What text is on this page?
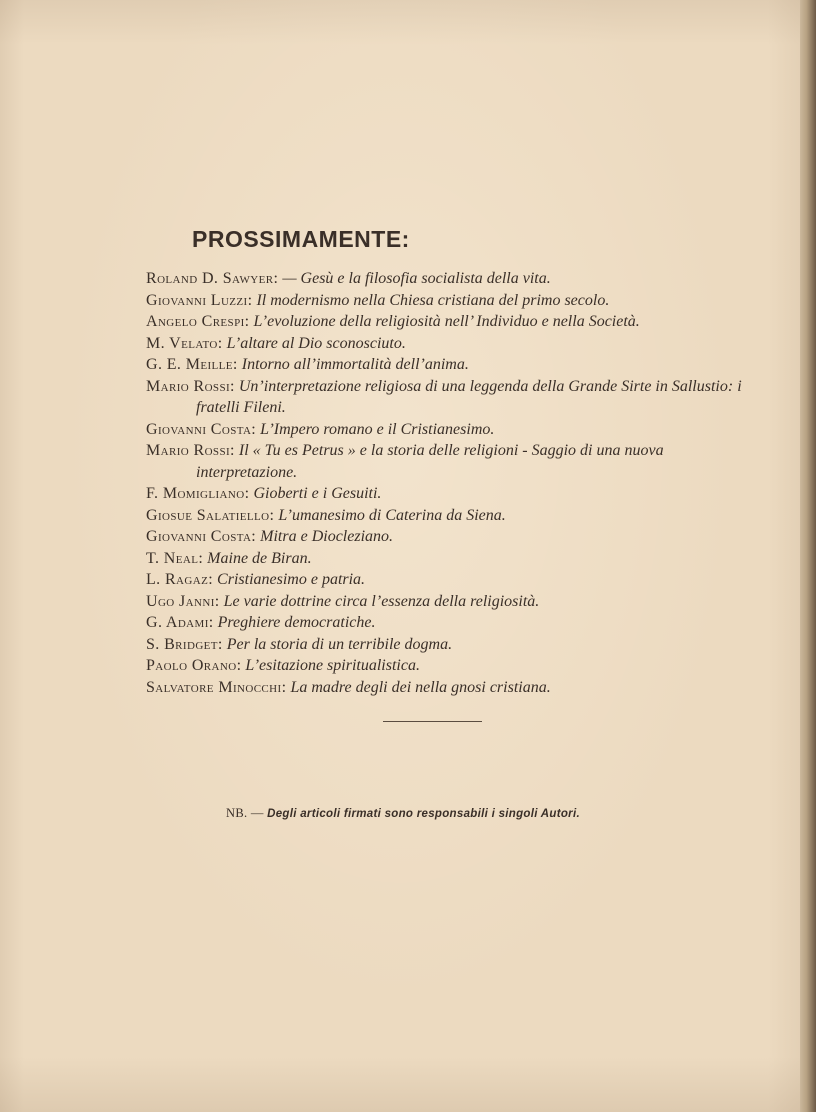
PROSSIMAMENTE:
Roland D. Sawyer: — Gesù e la filosofia socialista della vita.
Giovanni Luzzi: Il modernismo nella Chiesa cristiana del primo secolo.
Angelo Crespi: L’evoluzione della religiosità nell’ Individuo e nella Società.
M. Velato: L’altare al Dio sconosciuto.
G. E. Meille: Intorno all’immortalità dell’anima.
Mario Rossi: Un’interpretazione religiosa di una leggenda della Grande Sirte in Sallustio: i fratelli Fileni.
Giovanni Costa: L’Impero romano e il Cristianesimo.
Mario Rossi: Il « Tu es Petrus » e la storia delle religioni - Saggio di una nuova interpretazione.
F. Momigliano: Gioberti e i Gesuiti.
Giosue Salatiello: L’umanesimo di Caterina da Siena.
Giovanni Costa: Mitra e Diocleziano.
T. Neal: Maine de Biran.
L. Ragaz: Cristianesimo e patria.
Ugo Janni: Le varie dottrine circa l’essenza della religiosità.
G. Adami: Preghiere democratiche.
S. Bridget: Per la storia di un terribile dogma.
Paolo Orano: L’esitazione spiritualistica.
Salvatore Minocchi: La madre degli dei nella gnosi cristiana.

NB. — Degli articoli firmati sono responsabili i singoli Autori.
